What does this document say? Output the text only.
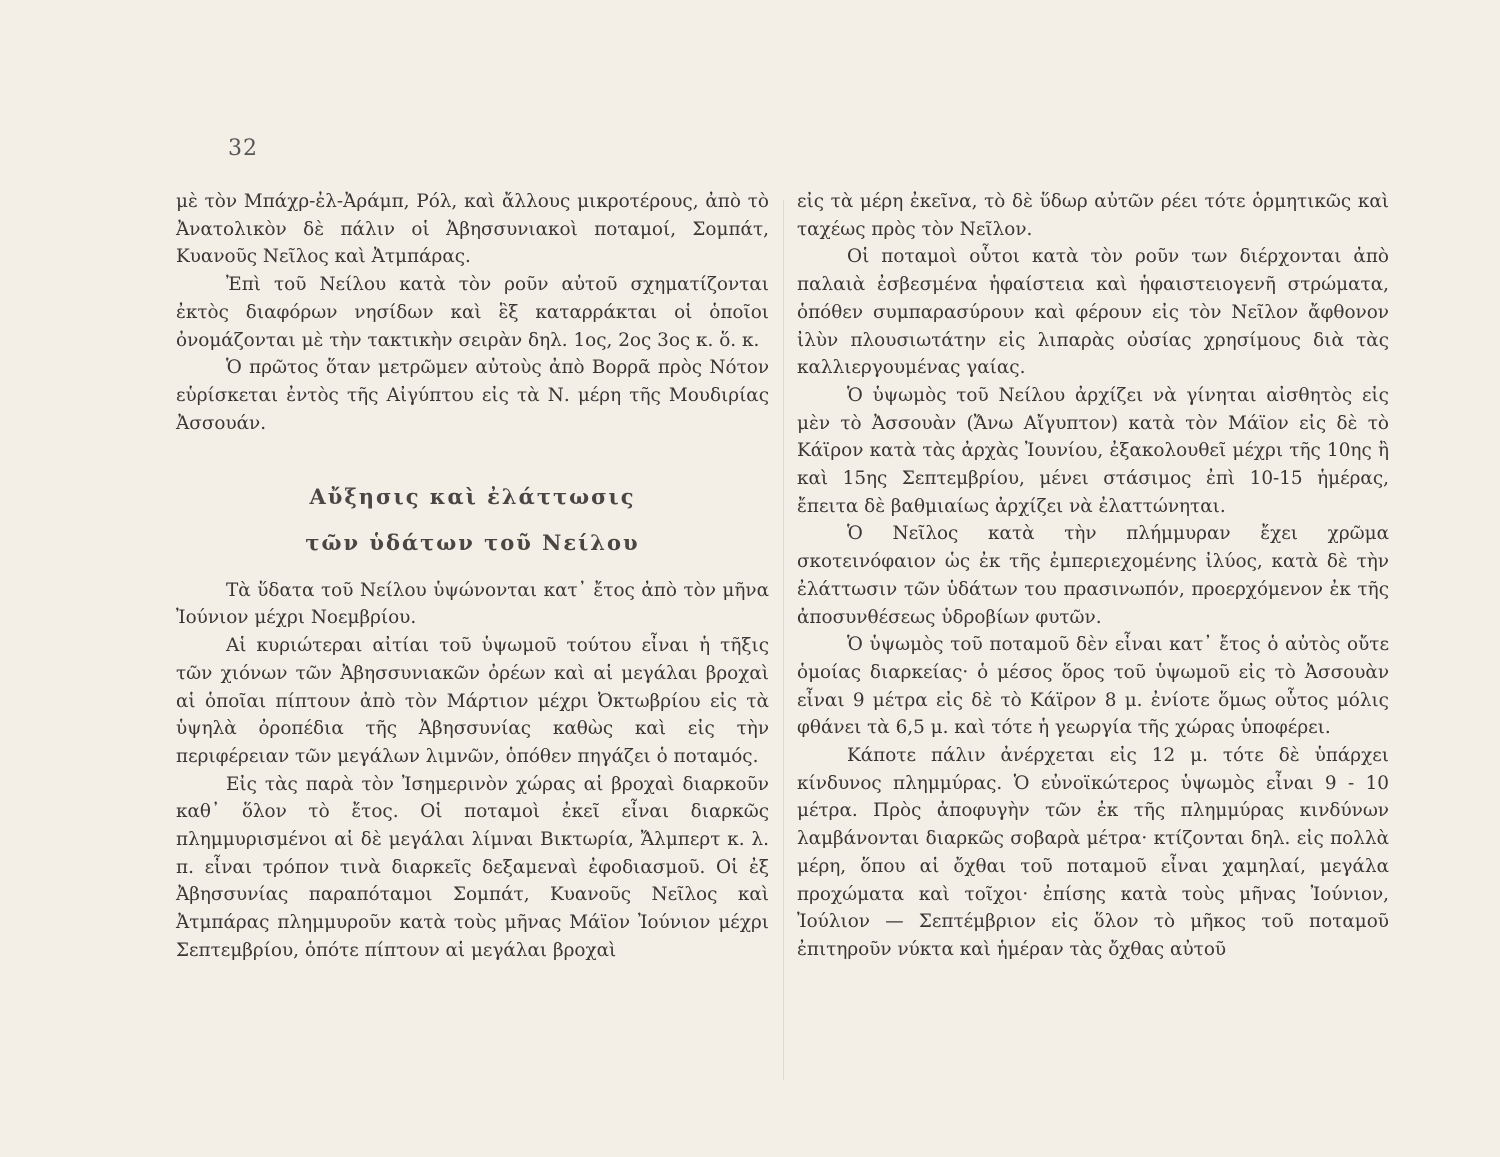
32

μὲ τὸν Μπάχρ-ἐλ-Ἀράμπ, Ρόλ, καὶ ἄλλους μικροτέρους, ἀπὸ τὸ Ἀνατολικὸν δὲ πάλιν οἱ Ἀβησσυνιακοὶ ποταμοί, Σομπάτ, Κυανοῦς Νεῖλος καὶ Ἀτμπάρας.

Ἐπὶ τοῦ Νείλου κατὰ τὸν ροῦν αὐτοῦ σχηματίζονται ἐκτὸς διαφόρων νησίδων καὶ ἓξ καταρράκται οἱ ὁποῖοι ὀνομάζονται μὲ τὴν τακτικὴν σειρὰν δηλ. 1ος, 2ος 3ος κ. ὅ. κ.

Ὁ πρῶτος ὅταν μετρῶμεν αὐτοὺς ἀπὸ Βορρᾶ πρὸς Νότον εὑρίσκεται ἐντὸς τῆς Αἰγύπτου εἰς τὰ Ν. μέρη τῆς Μουδιρίας Ἀσσουάν.

Αὔξησις καὶ ἐλάττωσις

τῶν ὑδάτων τοῦ Νείλου

Τὰ ὕδατα τοῦ Νείλου ὑψώνονται κατ᾿ ἔτος ἀπὸ τὸν μῆνα Ἰούνιον μέχρι Νοεμβρίου.

Αἱ κυριώτεραι αἰτίαι τοῦ ὑψωμοῦ τούτου εἶναι ἡ τῆξις τῶν χιόνων τῶν Ἀβησσυνιακῶν ὀρέων καὶ αἱ μεγάλαι βροχαὶ αἱ ὁποῖαι πίπτουν ἀπὸ τὸν Μάρτιον μέχρι Ὀκτωβρίου εἰς τὰ ὑψηλὰ ὀροπέδια τῆς Ἀβησσυνίας καθὼς καὶ εἰς τὴν περιφέρειαν τῶν μεγάλων λιμνῶν, ὁπόθεν πηγάζει ὁ ποταμός.

Εἰς τὰς παρὰ τὸν Ἰσημερινὸν χώρας αἱ βροχαὶ διαρκοῦν καθ᾿ ὅλον τὸ ἔτος. Οἱ ποταμοὶ ἐκεῖ εἶναι διαρκῶς πλημμυρισμένοι αἱ δὲ μεγάλαι λίμναι Βικτωρία, Ἄλμπερτ κ. λ. π. εἶναι τρόπον τινὰ διαρκεῖς δεξαμεναὶ ἐφοδιασμοῦ. Οἱ ἐξ Ἀβησσυνίας παραπόταμοι Σομπάτ, Κυανοῦς Νεῖλος καὶ Ἀτμπάρας πλημμυροῦν κατὰ τοὺς μῆνας Μάϊον Ἰούνιον μέχρι Σεπτεμβρίου, ὁπότε πίπτουν αἱ μεγάλαι βροχαὶ

εἰς τὰ μέρη ἐκεῖνα, τὸ δὲ ὕδωρ αὐτῶν ρέει τότε ὁρμητικῶς καὶ ταχέως πρὸς τὸν Νεῖλον.

Οἱ ποταμοὶ οὗτοι κατὰ τὸν ροῦν των διέρχονται ἀπὸ παλαιὰ ἐσβεσμένα ἡφαίστεια καὶ ἡφαιστειογενῆ στρώματα, ὁπόθεν συμπαρασύρουν καὶ φέρουν εἰς τὸν Νεῖλον ἄφθονον ἰλὺν πλουσιωτάτην εἰς λιπαρὰς οὐσίας χρησίμους διὰ τὰς καλλιεργουμένας γαίας.

Ὁ ὑψωμὸς τοῦ Νείλου ἀρχίζει νὰ γίνηται αἰσθητὸς εἰς μὲν τὸ Ἀσσουὰν (Ἄνω Αἴγυπτον) κατὰ τὸν Μάϊον εἰς δὲ τὸ Κάϊρον κατὰ τὰς ἀρχὰς Ἰουνίου, ἐξακολουθεῖ μέχρι τῆς 10ης ἢ καὶ 15ης Σεπτεμβρίου, μένει στάσιμος ἐπὶ 10-15 ἡμέρας, ἔπειτα δὲ βαθμιαίως ἀρχίζει νὰ ἐλαττώνηται.

Ὁ Νεῖλος κατὰ τὴν πλήμμυραν ἔχει χρῶμα σκοτεινόφαιον ὡς ἐκ τῆς ἐμπεριεχομένης ἰλύος, κατὰ δὲ τὴν ἐλάττωσιν τῶν ὑδάτων του πρασινωπόν, προερχόμενον ἐκ τῆς ἀποσυνθέσεως ὑδροβίων φυτῶν.

Ὁ ὑψωμὸς τοῦ ποταμοῦ δὲν εἶναι κατ᾿ ἔτος ὁ αὐτὸς οὔτε ὁμοίας διαρκείας· ὁ μέσος ὅρος τοῦ ὑψωμοῦ εἰς τὸ Ἀσσουὰν εἶναι 9 μέτρα εἰς δὲ τὸ Κάϊρον 8 μ. ἐνίοτε ὅμως οὗτος μόλις φθάνει τὰ 6,5 μ. καὶ τότε ἡ γεωργία τῆς χώρας ὑποφέρει.

Κάποτε πάλιν ἀνέρχεται εἰς 12 μ. τότε δὲ ὑπάρχει κίνδυνος πλημμύρας. Ὁ εὐνοϊκώτερος ὑψωμὸς εἶναι 9 - 10 μέτρα. Πρὸς ἀποφυγὴν τῶν ἐκ τῆς πλημμύρας κινδύνων λαμβάνονται διαρκῶς σοβαρὰ μέτρα· κτίζονται δηλ. εἰς πολλὰ μέρη, ὅπου αἱ ὄχθαι τοῦ ποταμοῦ εἶναι χαμηλαί, μεγάλα προχώματα καὶ τοῖχοι· ἐπίσης κατὰ τοὺς μῆνας Ἰούνιον, Ἰούλιον — Σεπτέμβριον εἰς ὅλον τὸ μῆκος τοῦ ποταμοῦ ἐπιτηροῦν νύκτα καὶ ἡμέραν τὰς ὄχθας αὐτοῦ
